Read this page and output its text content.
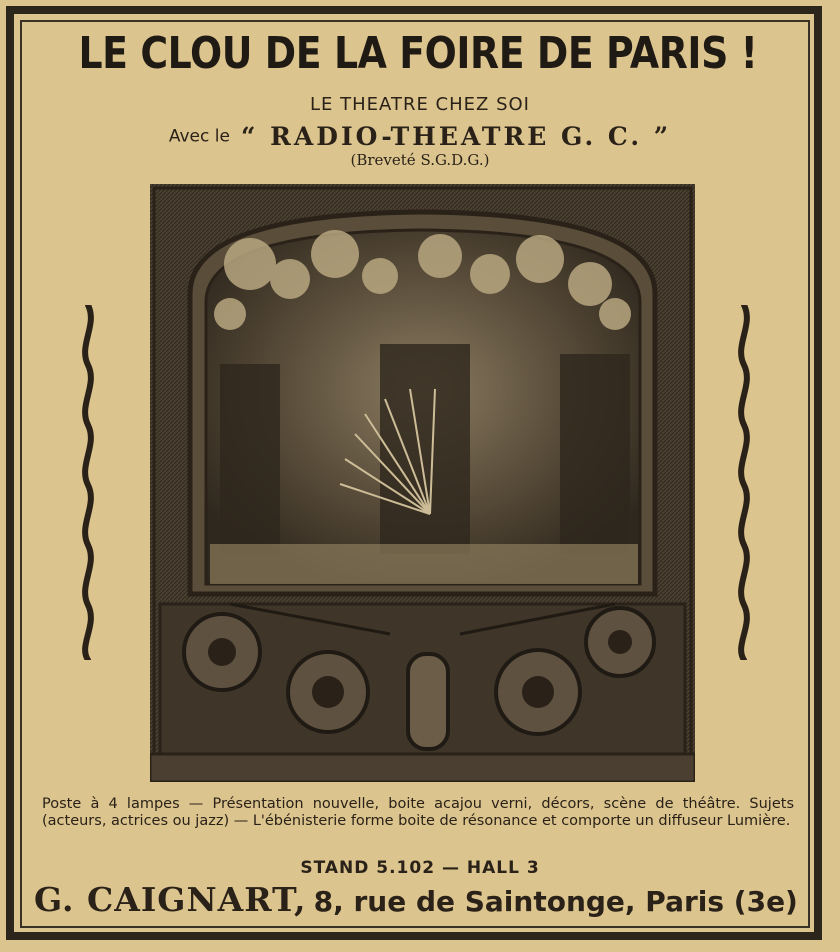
LE CLOU DE LA FOIRE DE PARIS !
LE THEATRE CHEZ SOI
Avec le “ RADIO-THEATRE G. C. ”
(Breveté S.G.D.G.)
Poste à 4 lampes — Présentation nouvelle, boite acajou verni, décors, scène de théâtre. Sujets (acteurs, actrices ou jazz) — L'ébénisterie forme boite de résonance et comporte un diffuseur Lumière.
STAND 5.102 — HALL 3
G. CAIGNART, 8, rue de Saintonge, Paris (3e)
